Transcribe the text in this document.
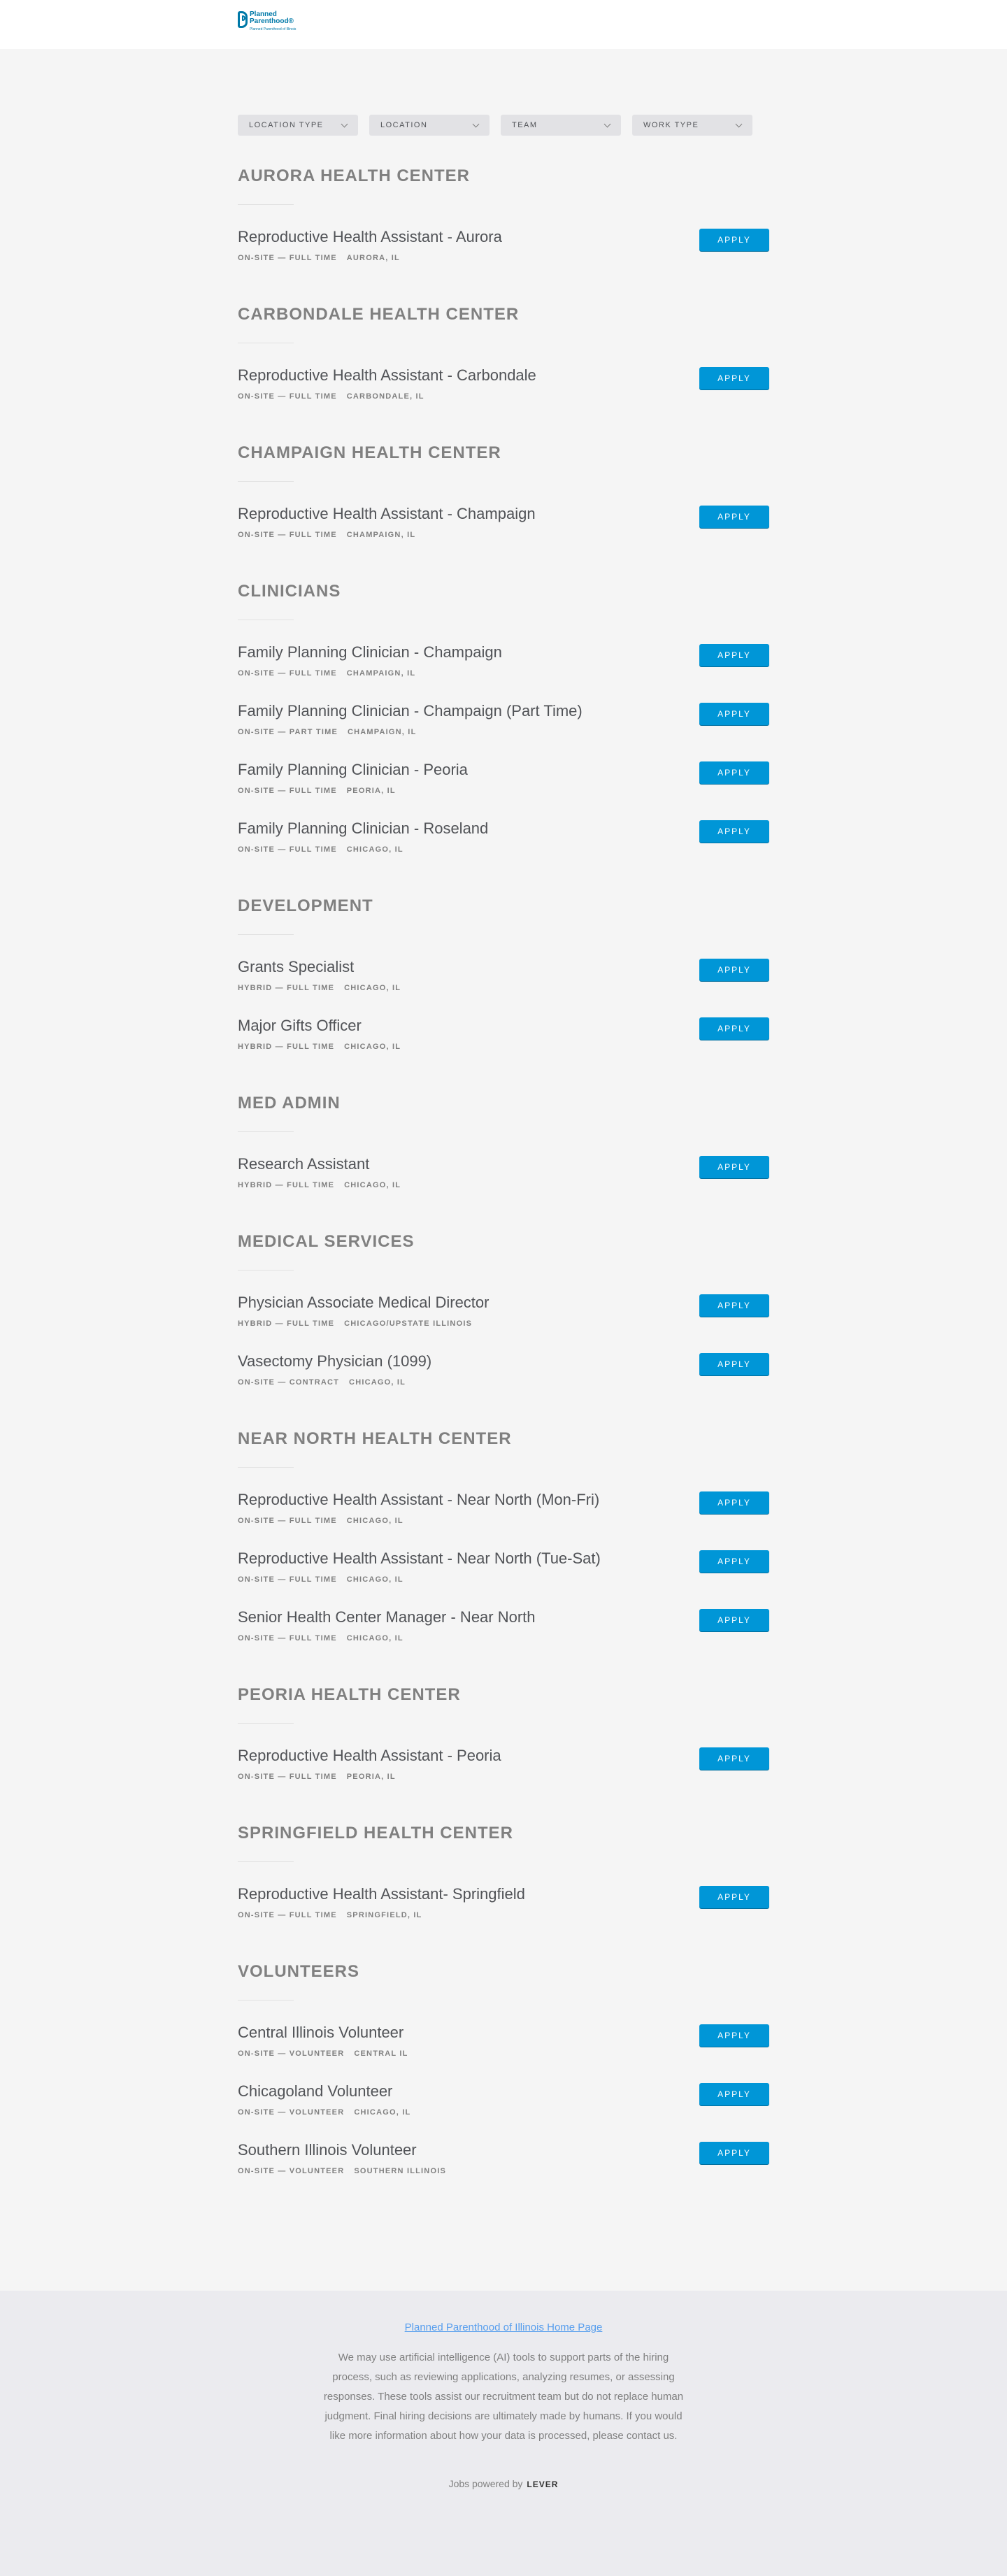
Planned
Parenthood®
Planned Parenthood of Illinois
LOCATION TYPE	LOCATION	TEAM	WORK TYPE
AURORA HEALTH CENTER
Reproductive Health Assistant - Aurora
ON-SITE — FULL TIME AURORA, IL
APPLY
CARBONDALE HEALTH CENTER
Reproductive Health Assistant - Carbondale
ON-SITE — FULL TIME CARBONDALE, IL
APPLY
CHAMPAIGN HEALTH CENTER
Reproductive Health Assistant - Champaign
ON-SITE — FULL TIME CHAMPAIGN, IL
APPLY
CLINICIANS
Family Planning Clinician - Champaign
ON-SITE — FULL TIME CHAMPAIGN, IL
APPLY
Family Planning Clinician - Champaign (Part Time)
ON-SITE — PART TIME CHAMPAIGN, IL
APPLY
Family Planning Clinician - Peoria
ON-SITE — FULL TIME PEORIA, IL
APPLY
Family Planning Clinician - Roseland
ON-SITE — FULL TIME CHICAGO, IL
APPLY
DEVELOPMENT
Grants Specialist
HYBRID — FULL TIME CHICAGO, IL
APPLY
Major Gifts Officer
HYBRID — FULL TIME CHICAGO, IL
APPLY
MED ADMIN
Research Assistant
HYBRID — FULL TIME CHICAGO, IL
APPLY
MEDICAL SERVICES
Physician Associate Medical Director
HYBRID — FULL TIME CHICAGO/UPSTATE ILLINOIS
APPLY
Vasectomy Physician (1099)
ON-SITE — CONTRACT CHICAGO, IL
APPLY
NEAR NORTH HEALTH CENTER
Reproductive Health Assistant - Near North (Mon-Fri)
ON-SITE — FULL TIME CHICAGO, IL
APPLY
Reproductive Health Assistant - Near North (Tue-Sat)
ON-SITE — FULL TIME CHICAGO, IL
APPLY
Senior Health Center Manager - Near North
ON-SITE — FULL TIME CHICAGO, IL
APPLY
PEORIA HEALTH CENTER
Reproductive Health Assistant - Peoria
ON-SITE — FULL TIME PEORIA, IL
APPLY
SPRINGFIELD HEALTH CENTER
Reproductive Health Assistant- Springfield
ON-SITE — FULL TIME SPRINGFIELD, IL
APPLY
VOLUNTEERS
Central Illinois Volunteer
ON-SITE — VOLUNTEER CENTRAL IL
APPLY
Chicagoland Volunteer
ON-SITE — VOLUNTEER CHICAGO, IL
APPLY
Southern Illinois Volunteer
ON-SITE — VOLUNTEER SOUTHERN ILLINOIS
APPLY
Planned Parenthood of Illinois Home Page
We may use artificial intelligence (AI) tools to support parts of the hiring process, such as reviewing applications, analyzing resumes, or assessing responses. These tools assist our recruitment team but do not replace human judgment. Final hiring decisions are ultimately made by humans. If you would like more information about how your data is processed, please contact us.
Jobs powered by LEVER
